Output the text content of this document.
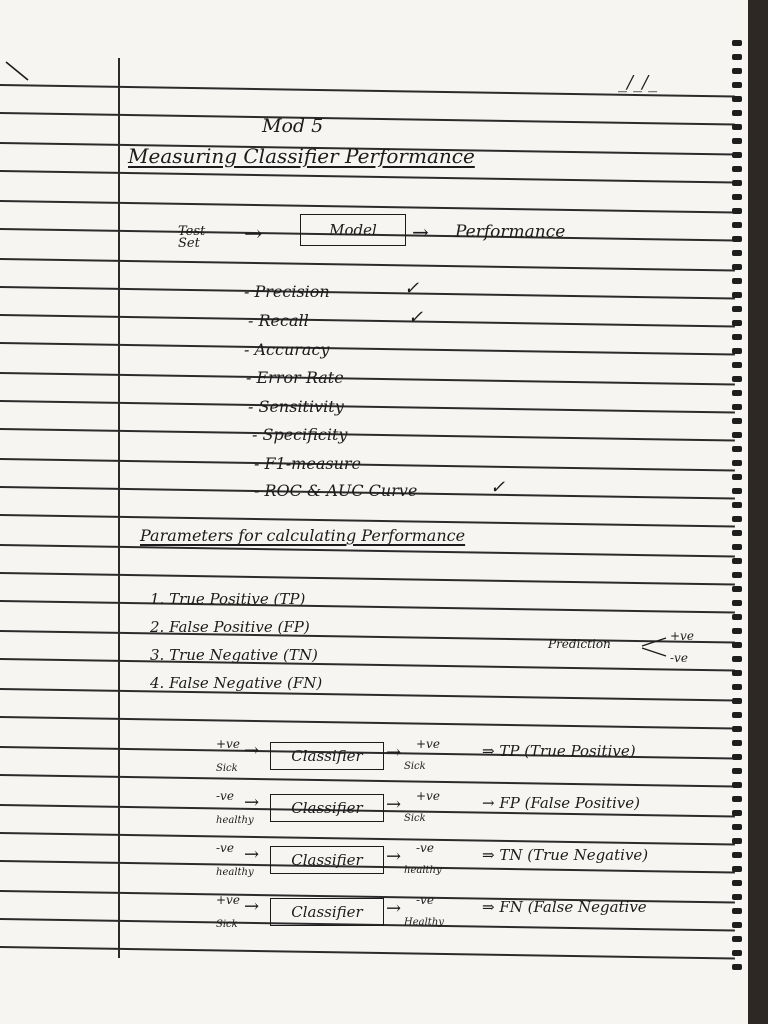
_/_/_
Mod 5
Measuring Classifier Performance
Test Set	→	Model	→ Performance
- Precision	✓
- Recall	✓
- Accuracy
- Error Rate
- Sensitivity
- Specificity
- F1-measure
- ROC & AUC Curve	✓
Parameters for calculating Performance
1. True Positive (TP)
2. False Positive (FP)
3. True Negative (TN)
4. False Negative (FN)
Prediction
+ve
-ve
+ve
Sick
→	Classifier	→ +ve
Sick
⇒ TP (True Positive)
-ve
healthy
→	Classifier	→ +ve
Sick
→ FP (False Positive)
-ve
healthy
→	Classifier	→ -ve
healthy
⇒ TN (True Negative)
+ve
Sick
→	Classifier	→ -ve
Healthy
⇒ FN (False Negative
